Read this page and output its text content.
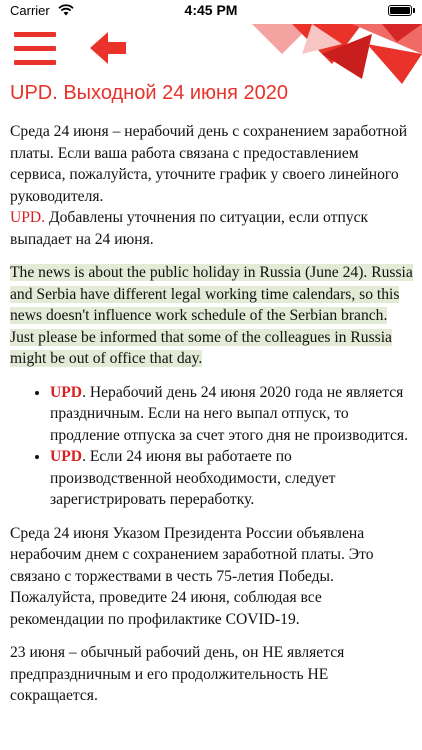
Carrier	4:45 PM
UPD. Выходной 24 июня 2020

Среда 24 июня – нерабочий день с сохранением заработной платы. Если ваша работа связана с предоставлением сервиса, пожалуйста, уточните график у своего линейного руководителя.
UPD. Добавлены уточнения по ситуации, если отпуск выпадает на 24 июня.

The news is about the public holiday in Russia (June 24). Russia and Serbia have different legal working time calendars, so this news doesn't influence work schedule of the Serbian branch. Just please be informed that some of the colleagues in Russia might be out of office that day.

• UPD. Нерабочий день 24 июня 2020 года не является праздничным. Если на него выпал отпуск, то продление отпуска за счет этого дня не производится.
• UPD. Если 24 июня вы работаете по производственной необходимости, следует зарегистрировать переработку.

Среда 24 июня Указом Президента России объявлена нерабочим днем с сохранением заработной платы. Это связано с торжествами в честь 75-летия Победы. Пожалуйста, проведите 24 июня, соблюдая все рекомендации по профилактике COVID-19.

23 июня – обычный рабочий день, он НЕ является предпраздничным и его продолжительность НЕ сокращается.
